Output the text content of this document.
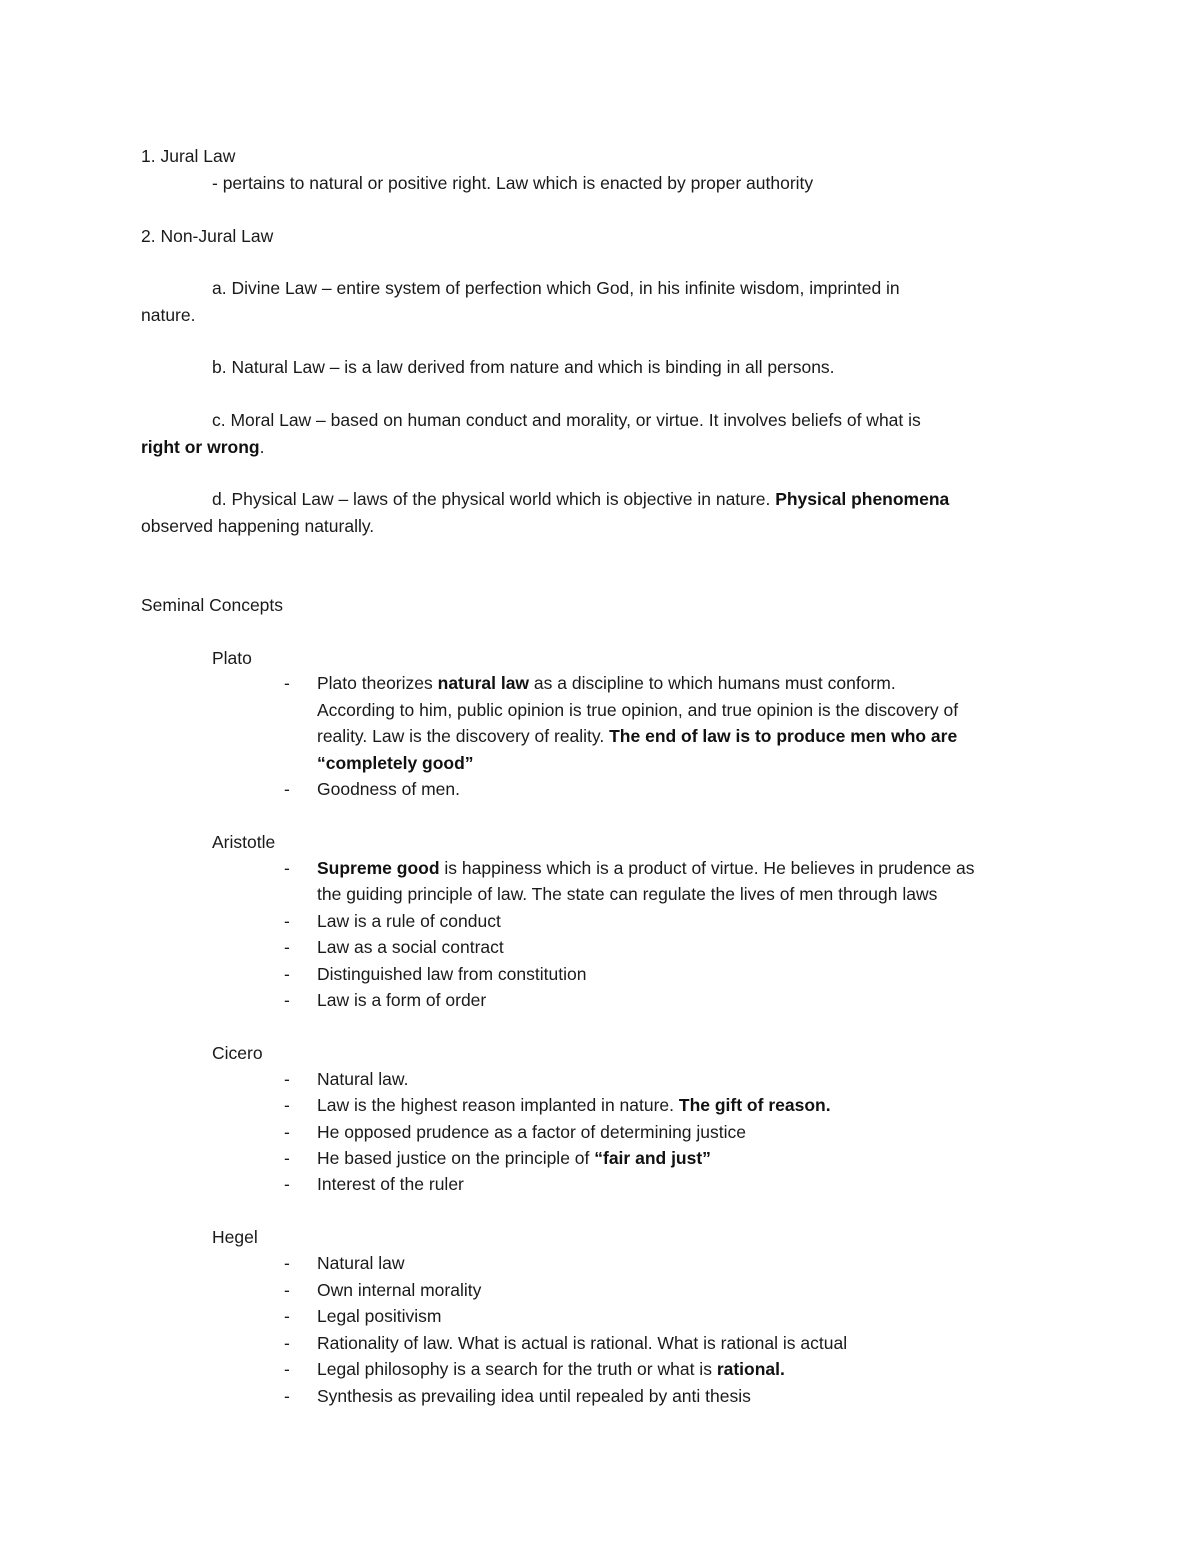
1. Jural Law
- pertains to natural or positive right. Law which is enacted by proper authority
2. Non-Jural Law
a. Divine Law – entire system of perfection which God, in his infinite wisdom, imprinted in
nature.
b. Natural Law – is a law derived from nature and which is binding in all persons.
c. Moral Law – based on human conduct and morality, or virtue. It involves beliefs of what is
right or wrong.
d. Physical Law – laws of the physical world which is objective in nature. Physical phenomena
observed happening naturally.
Seminal Concepts
Plato
- Plato theorizes natural law as a discipline to which humans must conform.
According to him, public opinion is true opinion, and true opinion is the discovery of
reality. Law is the discovery of reality. The end of law is to produce men who are
“completely good”
- Goodness of men.
Aristotle
- Supreme good is happiness which is a product of virtue. He believes in prudence as
the guiding principle of law. The state can regulate the lives of men through laws
- Law is a rule of conduct
- Law as a social contract
- Distinguished law from constitution
- Law is a form of order
Cicero
- Natural law.
- Law is the highest reason implanted in nature. The gift of reason.
- He opposed prudence as a factor of determining justice
- He based justice on the principle of “fair and just”
- Interest of the ruler
Hegel
- Natural law
- Own internal morality
- Legal positivism
- Rationality of law. What is actual is rational. What is rational is actual
- Legal philosophy is a search for the truth or what is rational.
- Synthesis as prevailing idea until repealed by anti thesis
